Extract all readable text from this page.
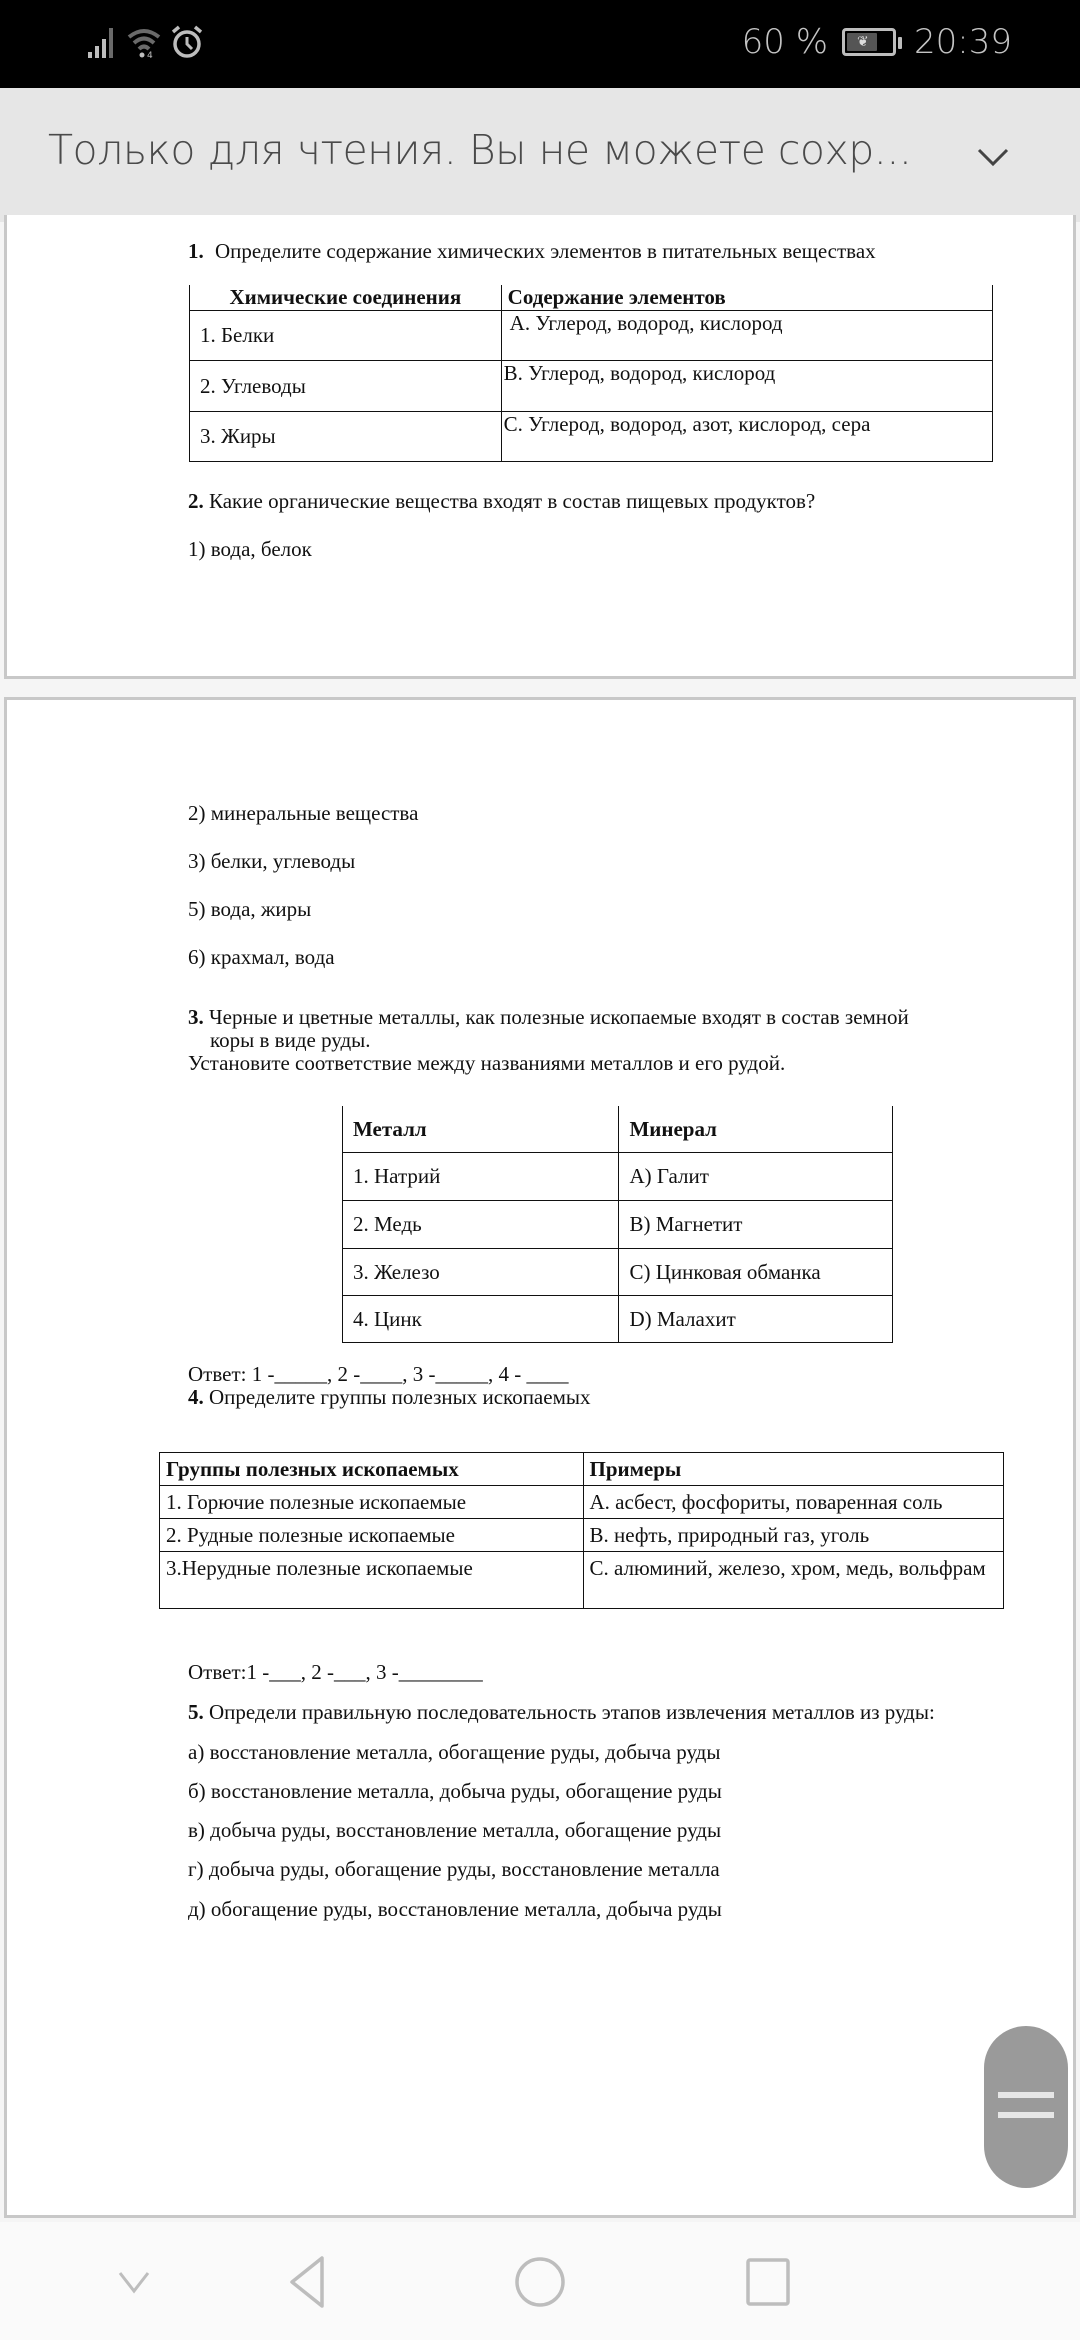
4	60 % ❦ 20:39
Только для чтения. Вы не можете сохр...
1. Определите содержание химических элементов в питательных веществах
Химические соединения	Содержание элементов
1. Белки	А. Углерод, водород, кислород
2. Углеводы	В. Углерод, водород, кислород
3. Жиры	С. Углерод, водород, азот, кислород, сера
2. Какие органические вещества входят в состав пищевых продуктов?
1) вода, белок
2) минеральные вещества
3) белки, углеводы
5) вода, жиры
6) крахмал, вода
3. Черные и цветные металлы, как полезные ископаемые входят в состав земной
коры в виде руды.
Установите соответствие между названиями металлов и его рудой.
Металл	Минерал
1. Натрий	A) Галит
2. Медь	B) Магнетит
3. Железо	C) Цинковая обманка
4. Цинк	D) Малахит
Ответ: 1 -_____, 2 -____, 3 -_____, 4 - ____
4. Определите группы полезных ископаемых
Группы полезных ископаемых	Примеры
1. Горючие полезные ископаемые	А. асбест, фосфориты, поваренная соль
2. Рудные полезные ископаемые	В. нефть, природный газ, уголь
3.Нерудные полезные ископаемые	С. алюминий, железо, хром, медь, вольфрам
Ответ:1 -___, 2 -___, 3 -________
5. Определи правильную последовательность этапов извлечения металлов из руды:
а) восстановление металла, обогащение руды, добыча руды
б) восстановление металла, добыча руды, обогащение руды
в) добыча руды, восстановление металла, обогащение руды
г) добыча руды, обогащение руды, восстановление металла
д) обогащение руды, восстановление металла, добыча руды
